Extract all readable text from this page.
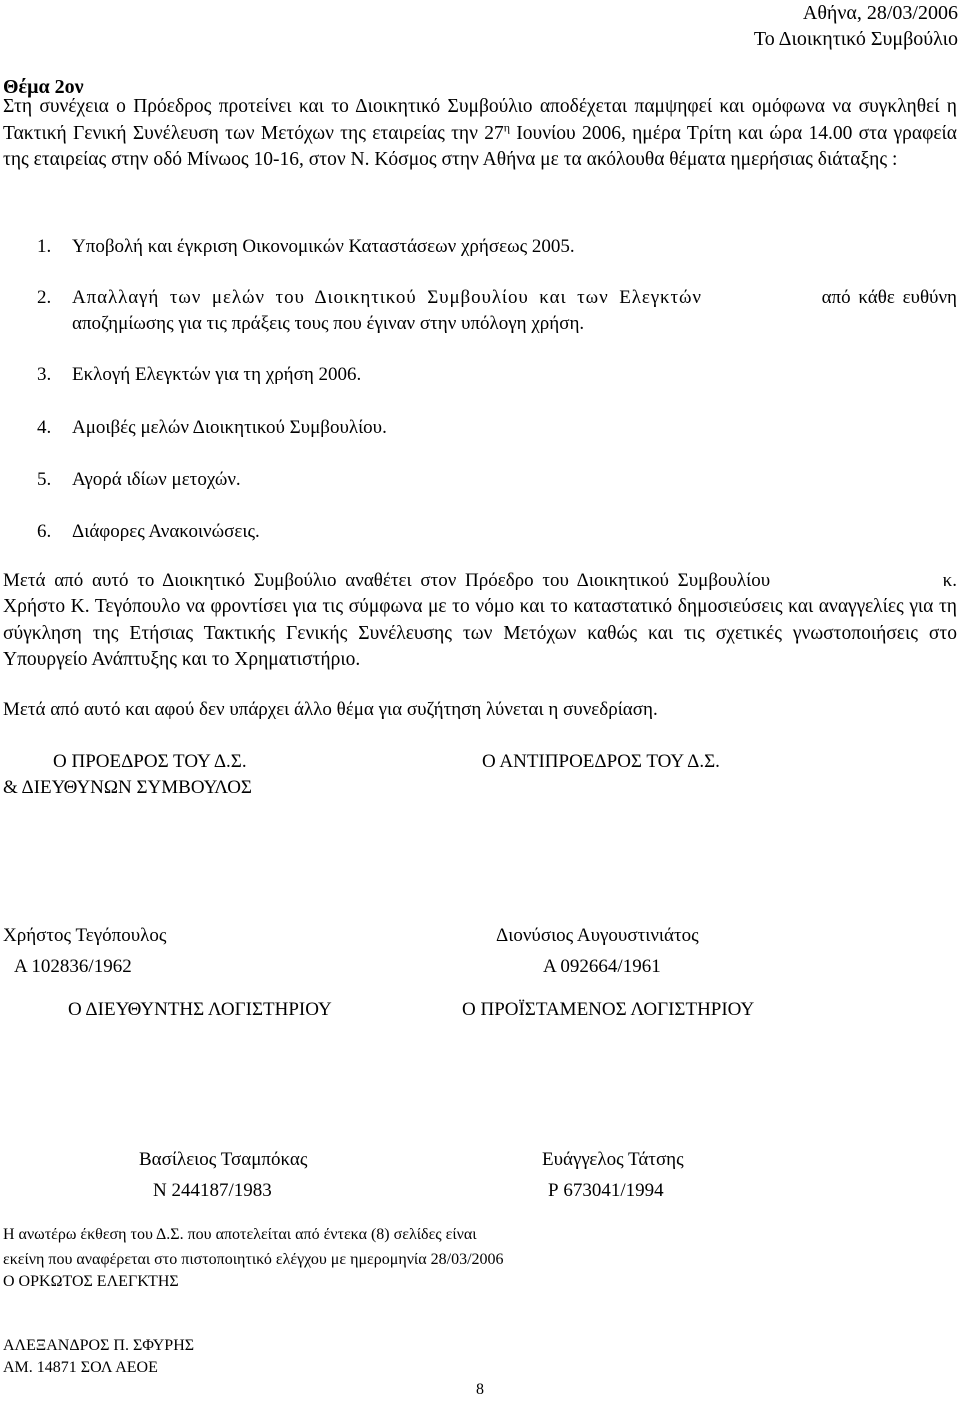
Αθήνα, 28/03/2006
Το Διοικητικό Συμβούλιο
Θέμα 2ον
Στη συνέχεια ο Πρόεδρος προτείνει και το Διοικητικό Συμβούλιο αποδέχεται παμψηφεί και ομόφωνα να συγκληθεί η Τακτική Γενική Συνέλευση των Μετόχων της εταιρείας την $27^\eta$ Ιουνίου 2006, ημέρα Τρίτη και ώρα 14.00 στα γραφεία της εταιρείας στην οδό Μίνωος 10-16, στον Ν. Κόσμος στην Αθήνα με τα ακόλουθα θέματα ημερήσιας διάταξης :
1. Υποβολή και έγκριση Οικονομικών Καταστάσεων χρήσεως 2005.
2. Απαλλαγή των μελών του Διοικητικού Συμβουλίου και των Ελεγκτών	από κάθε ευθύνη
αποζημίωσης για τις πράξεις τους που έγιναν στην υπόλογη χρήση.
3. Εκλογή Ελεγκτών για τη χρήση 2006.
4. Αμοιβές μελών Διοικητικού Συμβουλίου.
5. Αγορά ιδίων μετοχών.
6. Διάφορες Ανακοινώσεις.
Μετά από αυτό το Διοικητικό Συμβούλιο αναθέτει στον Πρόεδρο του Διοικητικού Συμβουλίου	κ.
Χρήστο Κ. Τεγόπουλο να φροντίσει για τις σύμφωνα με το νόμο και το καταστατικό δημοσιεύσεις και αναγγελίες για τη σύγκληση της Ετήσιας Τακτικής Γενικής Συνέλευσης των Μετόχων καθώς και τις σχετικές γνωστοποιήσεις στο Υπουργείο Ανάπτυξης και το Χρηματιστήριο.
Μετά από αυτό και αφού δεν υπάρχει άλλο θέμα για συζήτηση λύνεται η συνεδρίαση.
Ο ΠΡΟΕΔΡΟΣ ΤΟΥ Δ.Σ.
& ΔΙΕΥΘΥΝΩΝ ΣΥΜΒΟΥΛΟΣ
Ο ΑΝΤΙΠΡΟΕΔΡΟΣ ΤΟΥ Δ.Σ.
Χρήστος Τεγόπουλος
Α 102836/1962
Διονύσιος Αυγουστινιάτος
Α 092664/1961
Ο ΔΙΕΥΘΥΝΤΗΣ ΛΟΓΙΣΤΗΡΙΟΥ	Ο ΠΡΟΪΣΤΑΜΕΝΟΣ ΛΟΓΙΣΤΗΡΙΟΥ
Βασίλειος Τσαμπόκας
Ν 244187/1983
Ευάγγελος Τάτσης
Ρ 673041/1994
Η ανωτέρω έκθεση του Δ.Σ. που αποτελείται από έντεκα (8) σελίδες είναι
εκείνη που αναφέρεται στο πιστοποιητικό ελέγχου με ημερομηνία 28/03/2006
Ο ΟΡΚΩΤΟΣ ΕΛΕΓΚΤΗΣ
ΑΛΕΞΑΝΔΡΟΣ Π. ΣΦΥΡΗΣ
ΑΜ. 14871 ΣΟΛ ΑΕΟΕ
8
